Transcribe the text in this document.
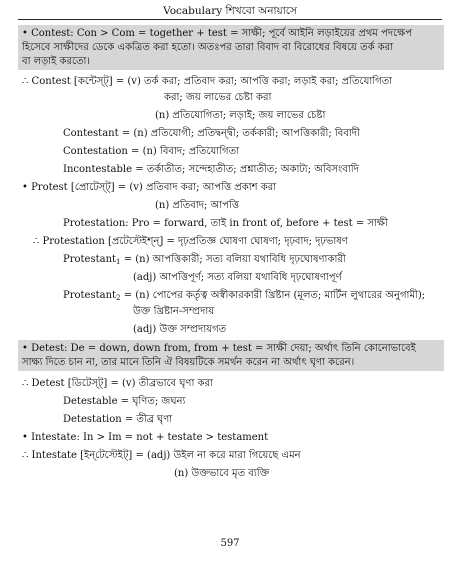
Vocabulary শিখবো অনায়াসে
• Contest: Con > Com = together + test = সাক্ষী; পূর্বে আইনি লড়াইয়ের প্রথম পদক্ষেপ
হিসেবে সাক্ষীদের ডেকে একত্রিত করা হতো। অতঃপর তারা বিবাদ বা বিরোধের বিষয়ে তর্ক করা
বা লড়াই করতো।
∴ Contest [কন্টেস্ট্] = (v) তর্ক করা; প্রতিবাদ করা; আপত্তি করা; লড়াই করা; প্রতিযোগিতা
করা; জয় লাভের চেষ্টা করা
(n) প্রতিযোগিতা; লড়াই; জয় লাভের চেষ্টা
Contestant = (n) প্রতিযোগী; প্রতিদ্বন্দ্বী; তর্ককারী; আপত্তিকারী; বিবাদী
Contestation = (n) বিবাদ; প্রতিযোগিতা
Incontestable = তর্কাতীত; সন্দেহাতীত; প্রশ্নাতীত; অকাট্য; অবিসংবাদি
• Protest [প্রোটেস্ট্] = (v) প্রতিবাদ করা; আপত্তি প্রকাশ করা
(n) প্রতিবাদ; আপত্তি
Protestation: Pro = forward, তাই in front of, before + test = সাক্ষী
∴ Protestation [প্রটেস্টেইশ্ন্] = দৃঢ়প্রতিজ্ঞ ঘোষণা ঘোষণা; দৃঢ়বাদ; দৃঢ়ভাষণ
Protestant$_1$ = (n) আপত্তিকারী; সত্য বলিয়া যথাবিধি দৃঢ়ঘোষণাকারী
(adj) আপত্তিপূর্ণ; সত্য বলিয়া যথাবিধি দৃঢ়ঘোষণাপূর্ণ
Protestant$_2$ = (n) পোপের কর্তৃত্ব অস্বীকারকারী খ্রিষ্টান (মূলত; মার্টিন লুথারের অনুগামী);
উক্ত খ্রিষ্টান-সম্প্রদায়
(adj) উক্ত সম্প্রদায়গত
• Detest: De = down, down from, from + test = সাক্ষী দেয়া; অর্থাৎ তিনি কোনোভাবেই
সাক্ষ্য দিতে চান না, তার মানে তিনি ঐ বিষয়টিকে সমর্থন করেন না অর্থাৎ ঘৃণা করেন।
∴ Detest [ডিটেস্ট্] = (v) তীব্রভাবে ঘৃণা করা
Detestable = ঘৃণিত; জঘন্য
Detestation = তীব্র ঘৃণা
• Intestate: In > Im = not + testate > testament
∴ Intestate [ইন্‌টেস্টেইট্] = (adj) উইল না করে মারা গিয়েছে এমন
(n) উক্তভাবে মৃত ব্যক্তি
597
